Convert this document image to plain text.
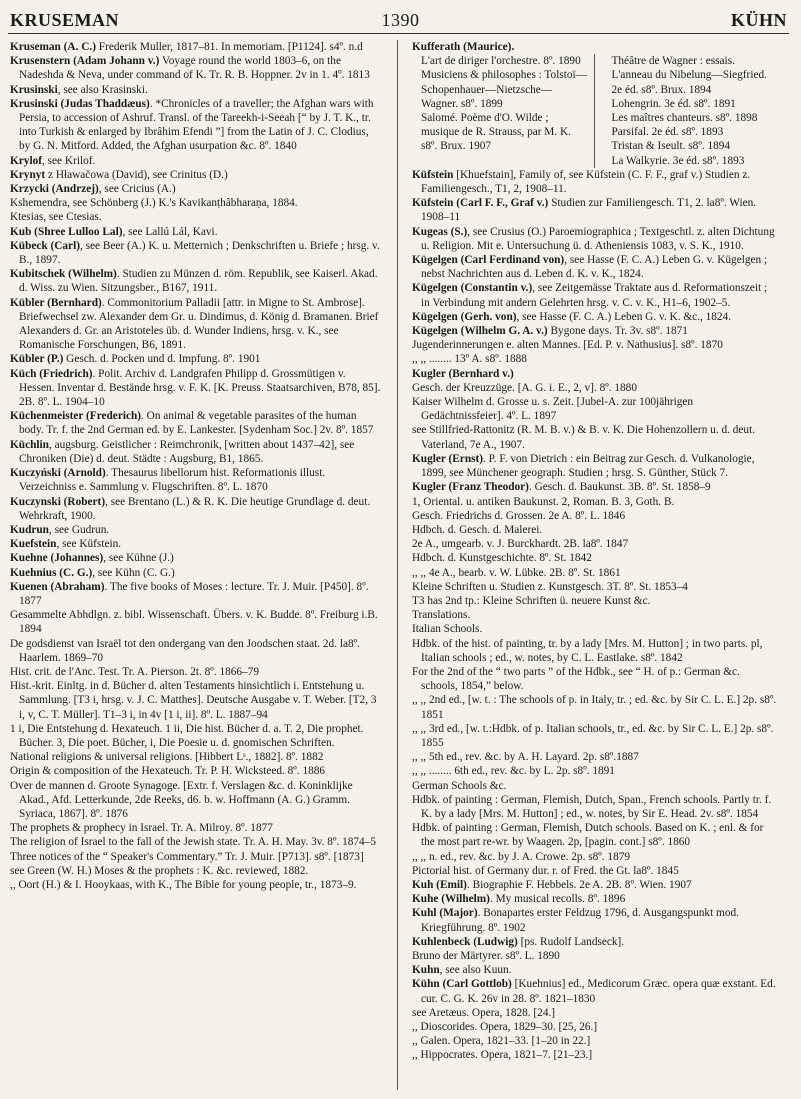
KRUSEMAN	1390	KÜHN
Kruseman (A. C.) Frederik Muller, 1817–81. In memoriam. [P1124]. s4º. n.d
Krusenstern (Adam Johann v.) Voyage round the world 1803–6, on the Nadeshda & Neva, under command of K. Tr. R. B. Hoppner. 2v in 1. 4º. 1813
Krusinski, see also Krasinski.
Krusinski (Judas Thaddæus). *Chronicles of a traveller; the Afghan wars with Persia, to accession of Ashruf. Transl. of the Tareekh-i-Seeah [“ by J. T. K., tr. into Turkish & enlarged by Ibrâhim Efendi ”] from the Latin of J. C. Clodius, by G. N. Mitford. Added, the Afghan usurpation &c. 8º. 1840
Krylof, see Krilof.
Krynyt z Hławačowa (David), see Crinitus (D.)
Krzycki (Andrzej), see Cricius (A.)
Kshemendra, see Schönberg (J.) K.'s Kavikanṭhâbharaṇa, 1884.
Ktesias, see Ctesias.
Kub (Shree Lulloo Lal), see Lallú Lál, Kavi.
Kübeck (Carl), see Beer (A.) K. u. Metternich ; Denkschriften u. Briefe ; hrsg. v. B., 1897.
Kubitschek (Wilhelm). Studien zu Münzen d. röm. Republik, see Kaiserl. Akad. d. Wiss. zu Wien. Sitzungsber., B167, 1911.
Kübler (Bernhard). Commonitorium Palladii [attr. in Migne to St. Ambrose]. Briefwechsel zw. Alexander dem Gr. u. Dindimus, d. König d. Bramanen. Brief Alexanders d. Gr. an Aristoteles üb. d. Wunder Indiens, hrsg. v. K., see Romanische Forschungen, B6, 1891.
Kübler (P.) Gesch. d. Pocken und d. Impfung. 8º. 1901
Küch (Friedrich). Polit. Archiv d. Landgrafen Philipp d. Grossmütigen v. Hessen. Inventar d. Bestände hrsg. v. F. K. [K. Preuss. Staatsarchiven, B78, 85]. 2B. 8º. L. 1904–10
Küchenmeister (Frederich). On animal & vegetable parasites of the human body. Tr. f. the 2nd German ed. by E. Lankester. [Sydenham Soc.] 2v. 8º. 1857
Küchlin, augsburg. Geistlicher : Reimchronik, [written about 1437–42], see Chroniken (Die) d. deut. Städte : Augsburg, B1, 1865.
Kuczyński (Arnold). Thesaurus libellorum hist. Reformationis illust. Verzeichniss e. Sammlung v. Flugschriften. 8º. L. 1870
Kuczynski (Robert), see Brentano (L.) & R. K. Die heutige Grundlage d. deut. Wehrkraft, 1900.
Kudrun, see Gudrun.
Kuefstein, see Küfstein.
Kuehne (Johannes), see Kühne (J.)
Kuehnius (C. G.), see Kühn (C. G.)
Kuenen (Abraham). The five books of Moses : lecture. Tr. J. Muir. [P450]. 8º. 1877
Gesammelte Abhdlgn. z. bibl. Wissenschaft. Übers. v. K. Budde. 8º. Freiburg i.B. 1894
De godsdienst van Israël tot den ondergang van den Joodschen staat. 2d. la8º. Haarlem. 1869–70
Hist. crit. de l'Anc. Test. Tr. A. Pierson. 2t. 8º. 1866–79
Hist.-krit. Einltg. in d. Bücher d. alten Testaments hinsichtlich i. Entstehung u. Sammlung. [T3 i, hrsg. v. J. C. Matthes]. Deutsche Ausgabe v. T. Weber. [T2, 3 i, v, C. T. Müller]. T1–3 i, in 4v [1 i, ii]. 8º. L. 1887–94
1 i, Die Entstehung d. Hexateuch. 1 ii, Die hist. Bücher d. a. T. 2, Die prophet. Bücher. 3, Die poet. Bücher, i, Die Poesie u. d. gnomischen Schriften.
National religions & universal religions. [Hibbert Lˢ., 1882]. 8º. 1882
Origin & composition of the Hexateuch. Tr. P. H. Wicksteed. 8º. 1886
Over de mannen d. Groote Synagoge. [Extr. f. Verslagen &c. d. Koninklijke Akad., Afd. Letterkunde, 2de Reeks, d6. b. w. Hoffmann (A. G.) Gramm. Syriaca, 1867]. 8º. 1876
The prophets & prophecy in Israel. Tr. A. Milroy. 8º. 1877
The religion of Israel to the fall of the Jewish state. Tr. A. H. May. 3v. 8º. 1874–5
Three notices of the “ Speaker's Commentary.” Tr. J. Muir. [P713]. s8º. [1873]
see Green (W. H.) Moses & the prophets : K. &c. reviewed, 1882.
,, Oort (H.) & I. Hooykaas, with K., The Bible for young people, tr., 1873–9.
Kufferath (Maurice).
L'art de diriger l'orchestre. 8º. 1890
Musiciens & philosophes : Tolstoï—Schopenhauer—Nietzsche—Wagner. s8º. 1899
Salomé. Poème d'O. Wilde ; musique de R. Strauss, par M. K. s8º. Brux. 1907
Théâtre de Wagner : essais. L'anneau du Nibelung—Siegfried. 2e éd. s8º. Brux. 1894
Lohengrin. 3e éd. s8º. 1891
Les maîtres chanteurs. s8º. 1898
Parsifal. 2e éd. s8º. 1893
Tristan & Iseult. s8º. 1894
La Walkyrie. 3e éd. s8º. 1893
Küfstein [Khuefstain], Family of, see Küfstein (C. F. F., graf v.) Studien z. Familiengesch., T1, 2, 1908–11.
Küfstein (Carl F. F., Graf v.) Studien zur Familiengesch. T1, 2. la8º. Wien. 1908–11
Kugeas (S.), see Crusius (O.) Paroemiographica ; Textgeschtl. z. alten Dichtung u. Religion. Mit e. Untersuchung ü. d. Atheniensis 1083, v. S. K., 1910.
Kügelgen (Carl Ferdinand von), see Hasse (F. C. A.) Leben G. v. Kügelgen ; nebst Nachrichten aus d. Leben d. K. v. K., 1824.
Kügelgen (Constantin v.), see Zeitgemässe Traktate aus d. Reformationszeit ; in Verbindung mit andern Gelehrten hrsg. v. C. v. K., H1–6, 1902–5.
Kügelgen (Gerh. von), see Hasse (F. C. A.) Leben G. v. K. &c., 1824.
Kügelgen (Wilhelm G. A. v.) Bygone days. Tr. 3v. s8º. 1871
Jugenderinnerungen e. alten Mannes. [Ed. P. v. Nathusius]. s8º. 1870
,, ,, ........ 13º A. s8º. 1888
Kugler (Bernhard v.)
Gesch. der Kreuzzüge. [A. G. i. E., 2, v]. 8º. 1880
Kaiser Wilhelm d. Grosse u. s. Zeit. [Jubel-A. zur 100jährigen Gedächtnissfeier]. 4º. L. 1897
see Stillfried-Rattonitz (R. M. B. v.) & B. v. K. Die Hohenzollern u. d. deut. Vaterland, 7e A., 1907.
Kugler (Ernst). P. F. von Dietrich : ein Beitrag zur Gesch. d. Vulkanologie, 1899, see Münchener geograph. Studien ; hrsg. S. Günther, Stück 7.
Kugler (Franz Theodor). Gesch. d. Baukunst. 3B. 8º. St. 1858–9
1, Oriental. u. antiken Baukunst. 2, Roman. B. 3, Goth. B.
Gesch. Friedrichs d. Grossen. 2e A. 8º. L. 1846
Hdbch. d. Gesch. d. Malerei.
2e A., umgearb. v. J. Burckhardt. 2B. la8º. 1847
Hdbch. d. Kunstgeschichte. 8º. St. 1842
,, ,, 4e A., bearb. v. W. Lübke. 2B. 8º. St. 1861
Kleine Schriften u. Studien z. Kunstgesch. 3T. 8º. St. 1853–4
T3 has 2nd tp.: Kleine Schriften ü. neuere Kunst &c.
Translations.
Italian Schools.
Hdbk. of the hist. of painting, tr. by a lady [Mrs. M. Hutton] ; in two parts. pl, Italian schools ; ed., w. notes, by C. L. Eastlake. s8º. 1842
For the 2nd of the “ two parts ” of the Hdbk., see “ H. of p.: German &c. schools, 1854,” below.
,, ,, 2nd ed., [w. t. : The schools of p. in Italy, tr. ; ed. &c. by Sir C. L. E.] 2p. s8º. 1851
,, ,, 3rd ed., [w. t.:Hdbk. of p. Italian schools, tr., ed. &c. by Sir C. L. E.] 2p. s8º. 1855
,, ,, 5th ed., rev. &c. by A. H. Layard. 2p. s8º.1887
,, ,, ........ 6th ed., rev. &c. by L. 2p. s8º. 1891
German Schools &c.
Hdbk. of painting : German, Flemish, Dutch, Span., French schools. Partly tr. f. K. by a lady [Mrs. M. Hutton] ; ed., w. notes, by Sir E. Head. 2v. s8º. 1854
Hdbk. of painting : German, Flemish, Dutch schools. Based on K. ; enl. & for the most part re-wr. by Waagen. 2p, [pagin. cont.] s8º. 1860
,, ,, n. ed., rev. &c. by J. A. Crowe. 2p. s8º. 1879
Pictorial hist. of Germany dur. r. of Fred. the Gt. la8º. 1845
Kuh (Emil). Biographie F. Hebbels. 2e A. 2B. 8º. Wien. 1907
Kuhe (Wilhelm). My musical recolls. 8º. 1896
Kuhl (Major). Bonapartes erster Feldzug 1796, d. Ausgangspunkt mod. Kriegführung. 8º. 1902
Kuhlenbeck (Ludwig) [ps. Rudolf Landseck].
Bruno der Märtyrer. s8º. L. 1890
Kuhn, see also Kuun.
Kühn (Carl Gottlob) [Kuehnius] ed., Medicorum Græc. opera quæ exstant. Ed. cur. C. G. K. 26v in 28. 8º. 1821–1830
see Aretæus. Opera, 1828. [24.]
,, Dioscorides. Opera, 1829–30. [25, 26.]
,, Galen. Opera, 1821–33. [1–20 in 22.]
,, Hippocrates. Opera, 1821–7. [21–23.]
